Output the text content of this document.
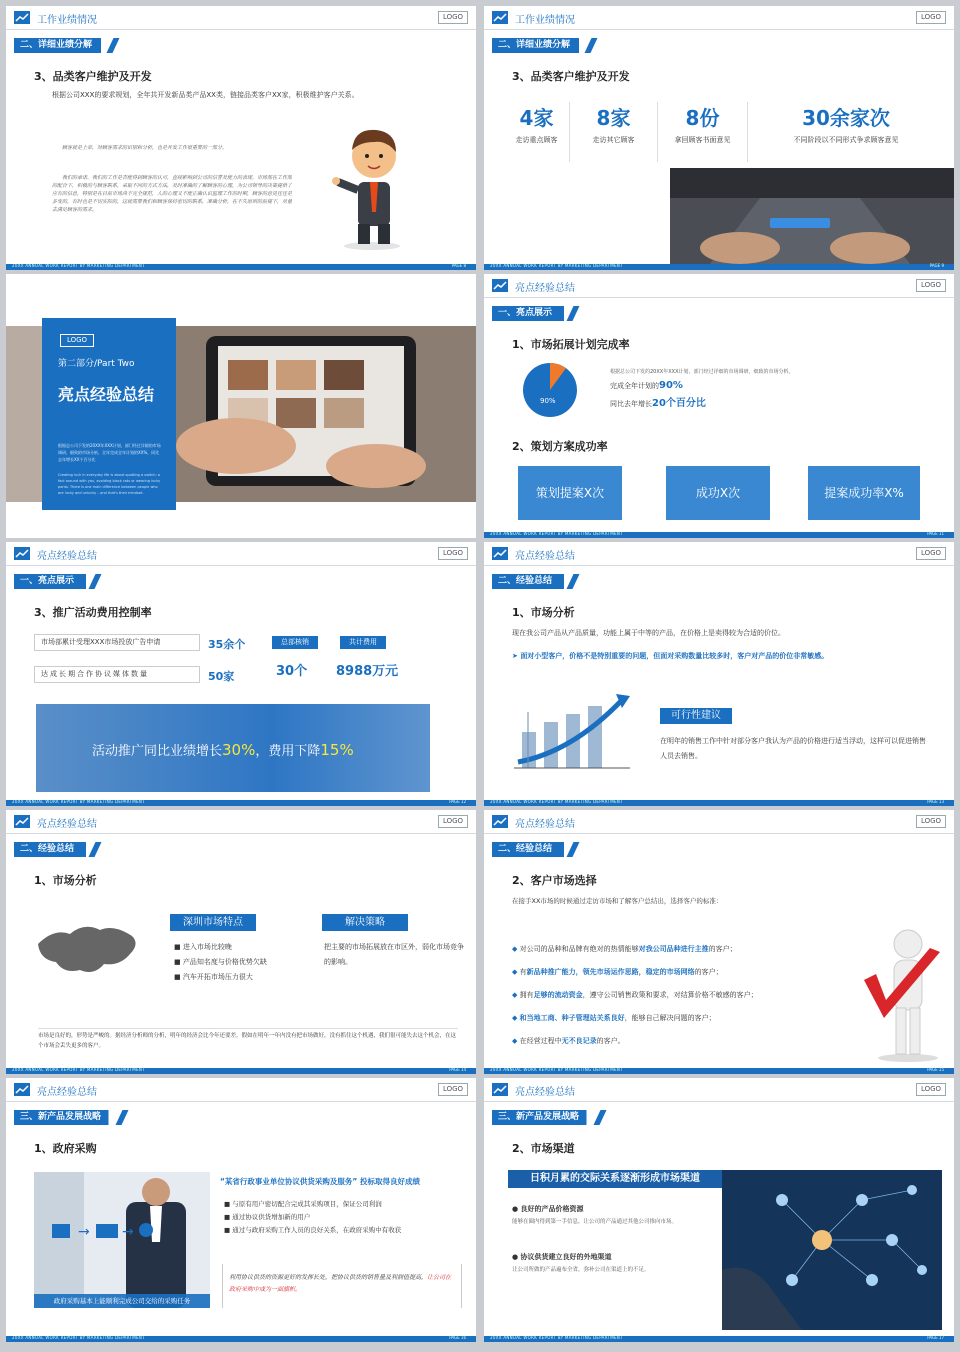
工作业绩情况	LOGO
二、详细业绩分解
3、品类客户维护及开发
根据公司XXX的要求规划，全年共开发新品类产品XX类，链接品类客户XX家，积极维护客户关系。
顾客就是上帝，对顾客需求的识别和分析，也是开发工作很重要的一部分。
我们的承诺、我们的工作是否能得到顾客的认可，直接影响到公司的信誉及能力的表现。市场部在工作部的配合下，积极的与顾客联系，采取不同的方式方法，及时准确的了解顾客的心理，为公司领导的决策提供了应有的信息，特别是在目前市场尚不完全规范，人的心理又不能正确认识监理工作的时期，顾客的意见往往是多变的，有时也是不切实际的，这就需要我们和顾客保持密切的联系，准确分析，在不失原则的前提下，尽量去满足顾客的需求。
20XX ANNUAL WORK REPORT BY MARKETING DEPARTMENT	PAGE 8
工作业绩情况	LOGO
二、详细业绩分解
3、品类客户维护及开发
4家
走访重点顾客
8家
走访其它顾客
8份
拿回顾客书面意见
30余家次
不同阶段以不同形式争求顾客意见
20XX ANNUAL WORK REPORT BY MARKETING DEPARTMENT	PAGE 9
LOGO
第二部分/Part Two
亮点经验总结
根据总公司下发的20XX年XXX计划，部门经过详细的市场调研，细致的市场分析，全年完成全年计划的XX%，同比去年增长XX个百分比
Creating luck in everyday life is about spotting a switch: a fact around with you, avoiding black cats or wearing lucky pants. There is one main difference between people who are lucky and unlucky – and that's their mindset.
亮点经验总结	LOGO
一、亮点展示
1、市场拓展计划完成率
90%
根据总公司下发的20XX年XXX计划，部门经过详细的市场调研，细致的市场分析。
完成全年计划的90%
同比去年增长20个百分比
2、策划方案成功率
策划提案X次	成功X次	提案成功率X%
20XX ANNUAL WORK REPORT BY MARKETING DEPARTMENT	PAGE 11
亮点经验总结	LOGO
一、亮点展示
3、推广活动费用控制率
市场部累计受理XXX市场投放广告申请	35余个
达成长期合作协议媒体数量	50家
总部核销
30个
共计费用
8988万元
活动推广同比业绩增长30%，费用下降15%
20XX ANNUAL WORK REPORT BY MARKETING DEPARTMENT	PAGE 12
亮点经验总结	LOGO
二、经验总结
1、市场分析
现在我公司产品从产品质量，功能上属于中等的产品，在价格上是卖得较为合适的价位。
➤ 面对小型客户，价格不是特别重要的问题，但面对采购数量比较多时，客户对产品的价位非常敏感。
可行性建议
在明年的销售工作中针对部分客户我认为产品的价格进行适当浮动，这样可以促进销售人员去销售。
20XX ANNUAL WORK REPORT BY MARKETING DEPARTMENT	PAGE 13
亮点经验总结	LOGO
二、经验总结
1、市场分析
深圳市场特点
■ 进入市场比较晚
■ 产品知名度与价格优势欠缺
■ 汽车开拓市场压力很大
解决策略
把主要的市场拓展放在市区外，弱化市场竞争的影响。
市场是良好的，形势是严峻的。据经济分析师的分析，明年的经济会比今年还要差。假如在明年一年内没有把市场做好，没有抓住这个机遇，我们很可能失去这个机会，在这个市场会丢失更多的客户。
20XX ANNUAL WORK REPORT BY MARKETING DEPARTMENT	PAGE 14
亮点经验总结	LOGO
二、经验总结
2、客户市场选择
在接手XX市场的时候通过走访市场和了解客户总结出，选择客户的标准：
◆ 对公司的品种和品牌有绝对的热情能够对我公司品种进行主推的客户；
◆ 有新品种推广能力，领先市场运作思路，稳定的市场网络的客户；
◆ 拥有足够的流动资金，遵守公司销售政策和要求，对结算价格不敏感的客户；
◆ 和当地工商、种子管理站关系良好，能够自己解决问题的客户；
◆ 在经营过程中无不良记录的客户。
20XX ANNUAL WORK REPORT BY MARKETING DEPARTMENT	PAGE 15
亮点经验总结	LOGO
三、新产品发展战略
1、政府采购
→ →
政府采购基本上能顺利完成公司交给的采购任务
“某省行政事业单位协议供货采购及服务” 投标取得良好成绩
■ 与原有用户密切配合完成其采购项目，保证公司利润
■ 通过协议供货增加新的用户
■ 通过与政府采购工作人员的良好关系，在政府采购中有收获
利用协议供货的资源更好的发挥长处，把协议供货的销售量及利润值提高，让公司在政府采购中成为一面旗帜。
20XX ANNUAL WORK REPORT BY MARKETING DEPARTMENT	PAGE 16
亮点经验总结	LOGO
三、新产品发展战略
2、市场渠道
日积月累的交际关系逐渐形成市场渠道
● 良好的产品价格资源
能够在圈内得到第一手信息，让公司的产品通过其他公司推向市场。
● 协议供货建立良好的外地渠道
让公司所做的产品遍布全省，弥补公司在渠道上的不足。
20XX ANNUAL WORK REPORT BY MARKETING DEPARTMENT	PAGE 17
